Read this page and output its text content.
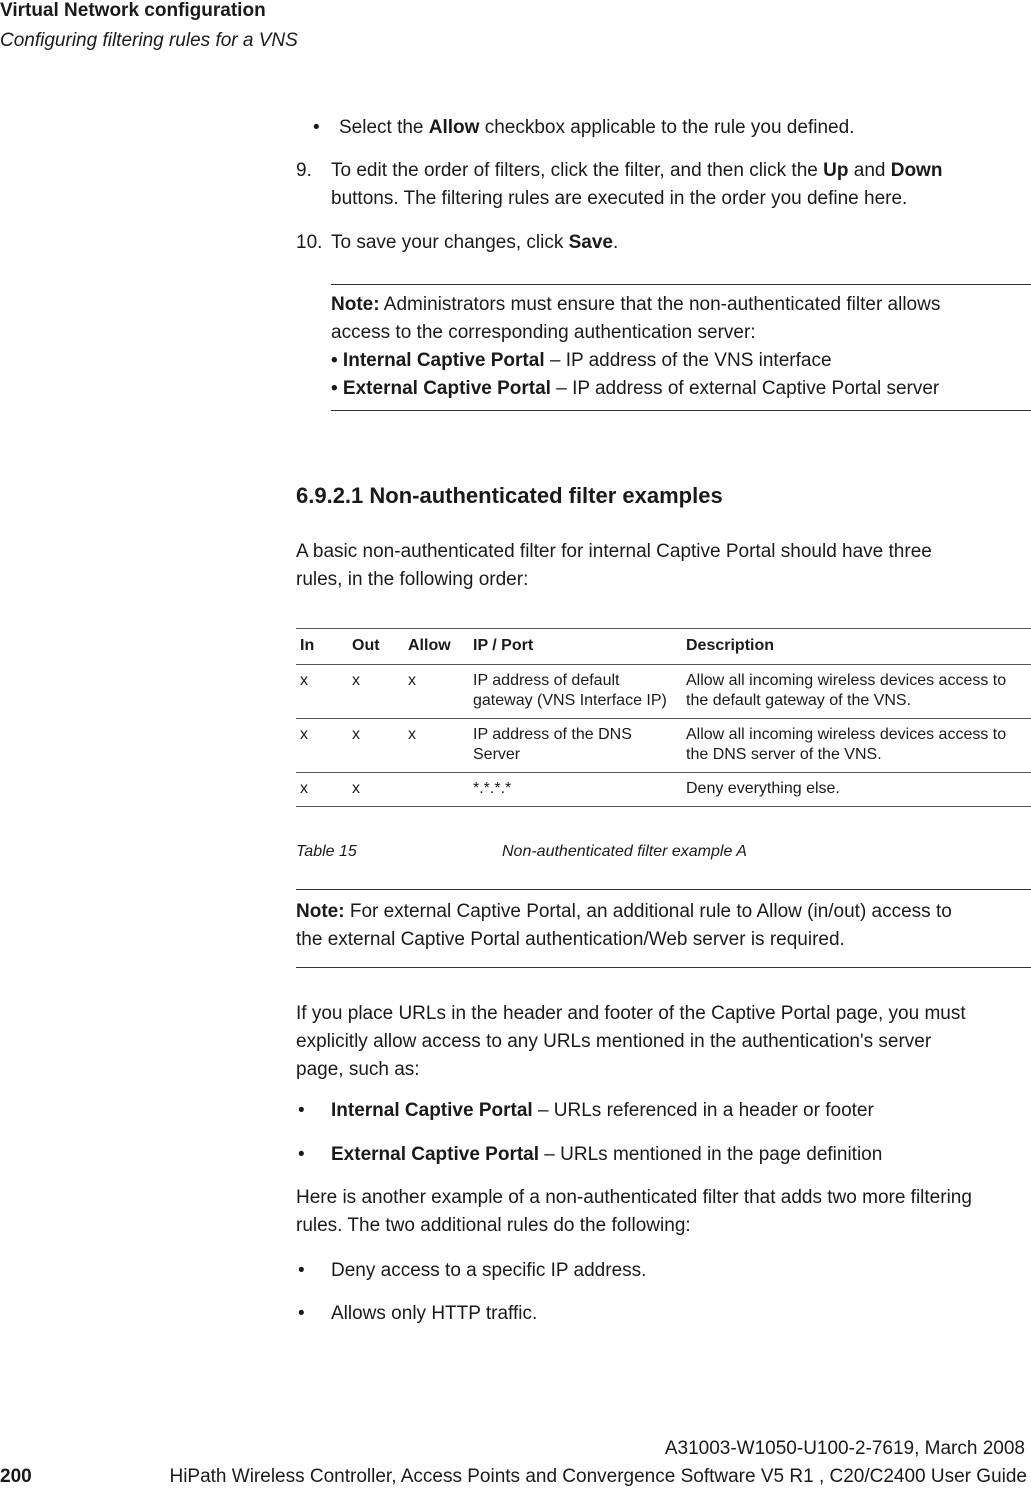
Virtual Network configuration
Configuring filtering rules for a VNS
• Select the Allow checkbox applicable to the rule you defined.
9. To edit the order of filters, click the filter, and then click the Up and Down
buttons. The filtering rules are executed in the order you define here.
10. To save your changes, click Save.
Note: Administrators must ensure that the non-authenticated filter allows
access to the corresponding authentication server:
• Internal Captive Portal – IP address of the VNS interface
• External Captive Portal – IP address of external Captive Portal server
6.9.2.1 Non-authenticated filter examples
A basic non-authenticated filter for internal Captive Portal should have three
rules, in the following order:
In	Out	Allow	IP / Port	Description
x	x	x	IP address of default gateway (VNS Interface IP)	Allow all incoming wireless devices access to the default gateway of the VNS.
x	x	x	IP address of the DNS Server	Allow all incoming wireless devices access to the DNS server of the VNS.
x	x		*.*.*.*	Deny everything else.
Table 15	Non-authenticated filter example A
Note: For external Captive Portal, an additional rule to Allow (in/out) access to
the external Captive Portal authentication/Web server is required.
If you place URLs in the header and footer of the Captive Portal page, you must
explicitly allow access to any URLs mentioned in the authentication's server
page, such as:
• Internal Captive Portal – URLs referenced in a header or footer
• External Captive Portal – URLs mentioned in the page definition
Here is another example of a non-authenticated filter that adds two more filtering
rules. The two additional rules do the following:
• Deny access to a specific IP address.
• Allows only HTTP traffic.
A31003-W1050-U100-2-7619, March 2008
200	HiPath Wireless Controller, Access Points and Convergence Software V5 R1 , C20/C2400 User Guide
